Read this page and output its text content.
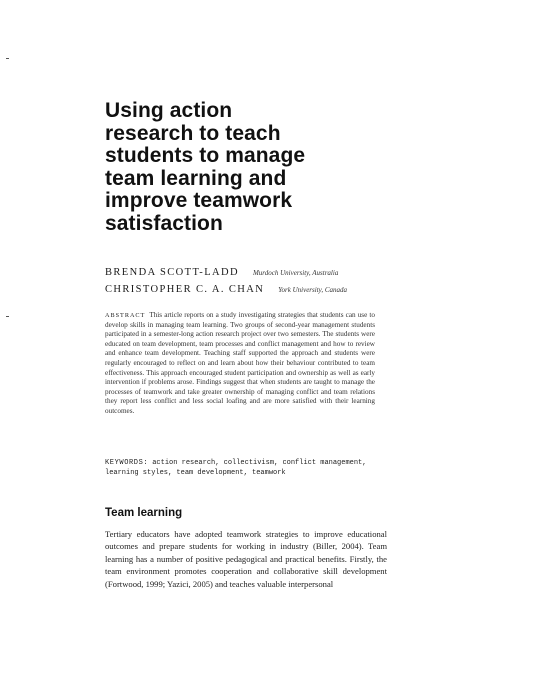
Using action
research to teach
students to manage
team learning and
improve teamwork
satisfaction
BRENDA SCOTT-LADD Murdoch University, Australia
CHRISTOPHER C. A. CHAN York University, Canada
ABSTRACT This article reports on a study investigating strategies that students can use to develop skills in managing team learning. Two groups of second-year management students participated in a semester-long action research project over two semesters. The students were educated on team development, team processes and conflict management and how to review and enhance team development. Teaching staff supported the approach and students were regularly encouraged to reflect on and learn about how their behaviour contributed to team effectiveness. This approach encouraged student participation and ownership as well as early intervention if problems arose. Findings suggest that when students are taught to manage the processes of teamwork and take greater ownership of managing conflict and team relations they report less conflict and less social loafing and are more satisfied with their learning outcomes.
KEYWORDS: action research, collectivism, conflict management, learning styles, team development, teamwork
Team learning
Tertiary educators have adopted teamwork strategies to improve educational outcomes and prepare students for working in industry (Biller, 2004). Team learning has a number of positive pedagogical and practical benefits. Firstly, the team environment promotes cooperation and collaborative skill development (Fortwood, 1999; Yazici, 2005) and teaches valuable interpersonal
